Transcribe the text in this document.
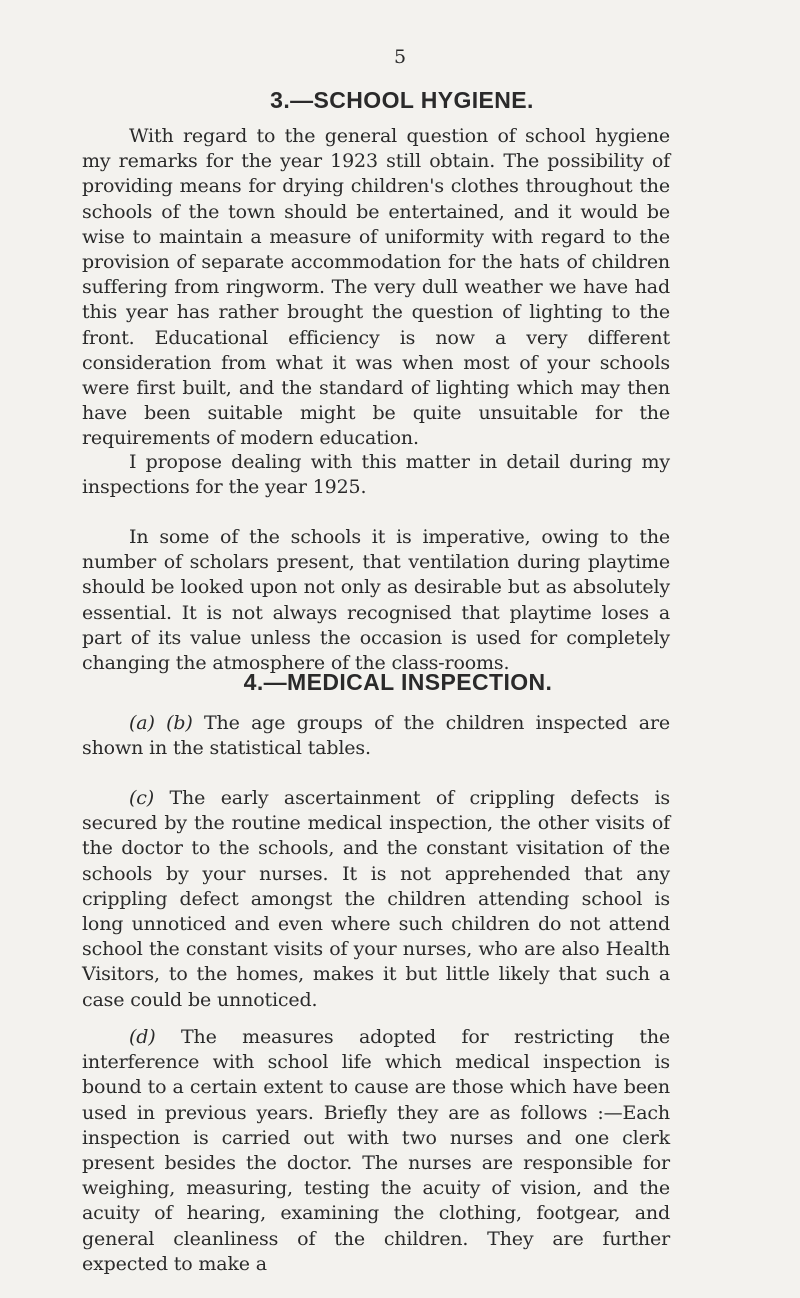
5
3.—SCHOOL HYGIENE.

With regard to the general question of school hygiene my remarks for the year 1923 still obtain. The possibility of providing means for drying children's clothes throughout the schools of the town should be entertained, and it would be wise to maintain a measure of uniformity with regard to the provision of separate accommodation for the hats of children suffering from ringworm. The very dull weather we have had this year has rather brought the question of lighting to the front. Educational efficiency is now a very different consideration from what it was when most of your schools were first built, and the standard of lighting which may then have been suitable might be quite unsuitable for the requirements of modern education.

I propose dealing with this matter in detail during my inspections for the year 1925.

In some of the schools it is imperative, owing to the number of scholars present, that ventilation during playtime should be looked upon not only as desirable but as absolutely essential. It is not always recognised that playtime loses a part of its value unless the occasion is used for completely changing the atmosphere of the class-rooms.

4.—MEDICAL INSPECTION.

(a) (b) The age groups of the children inspected are shown in the statistical tables.

(c) The early ascertainment of crippling defects is secured by the routine medical inspection, the other visits of the doctor to the schools, and the constant visitation of the schools by your nurses. It is not apprehended that any crippling defect amongst the children attending school is long unnoticed and even where such children do not attend school the constant visits of your nurses, who are also Health Visitors, to the homes, makes it but little likely that such a case could be unnoticed.

(d) The measures adopted for restricting the interference with school life which medical inspection is bound to a certain extent to cause are those which have been used in previous years. Briefly they are as follows :—Each inspection is carried out with two nurses and one clerk present besides the doctor. The nurses are responsible for weighing, measuring, testing the acuity of vision, and the acuity of hearing, examining the clothing, footgear, and general cleanliness of the children. They are further expected to make a
